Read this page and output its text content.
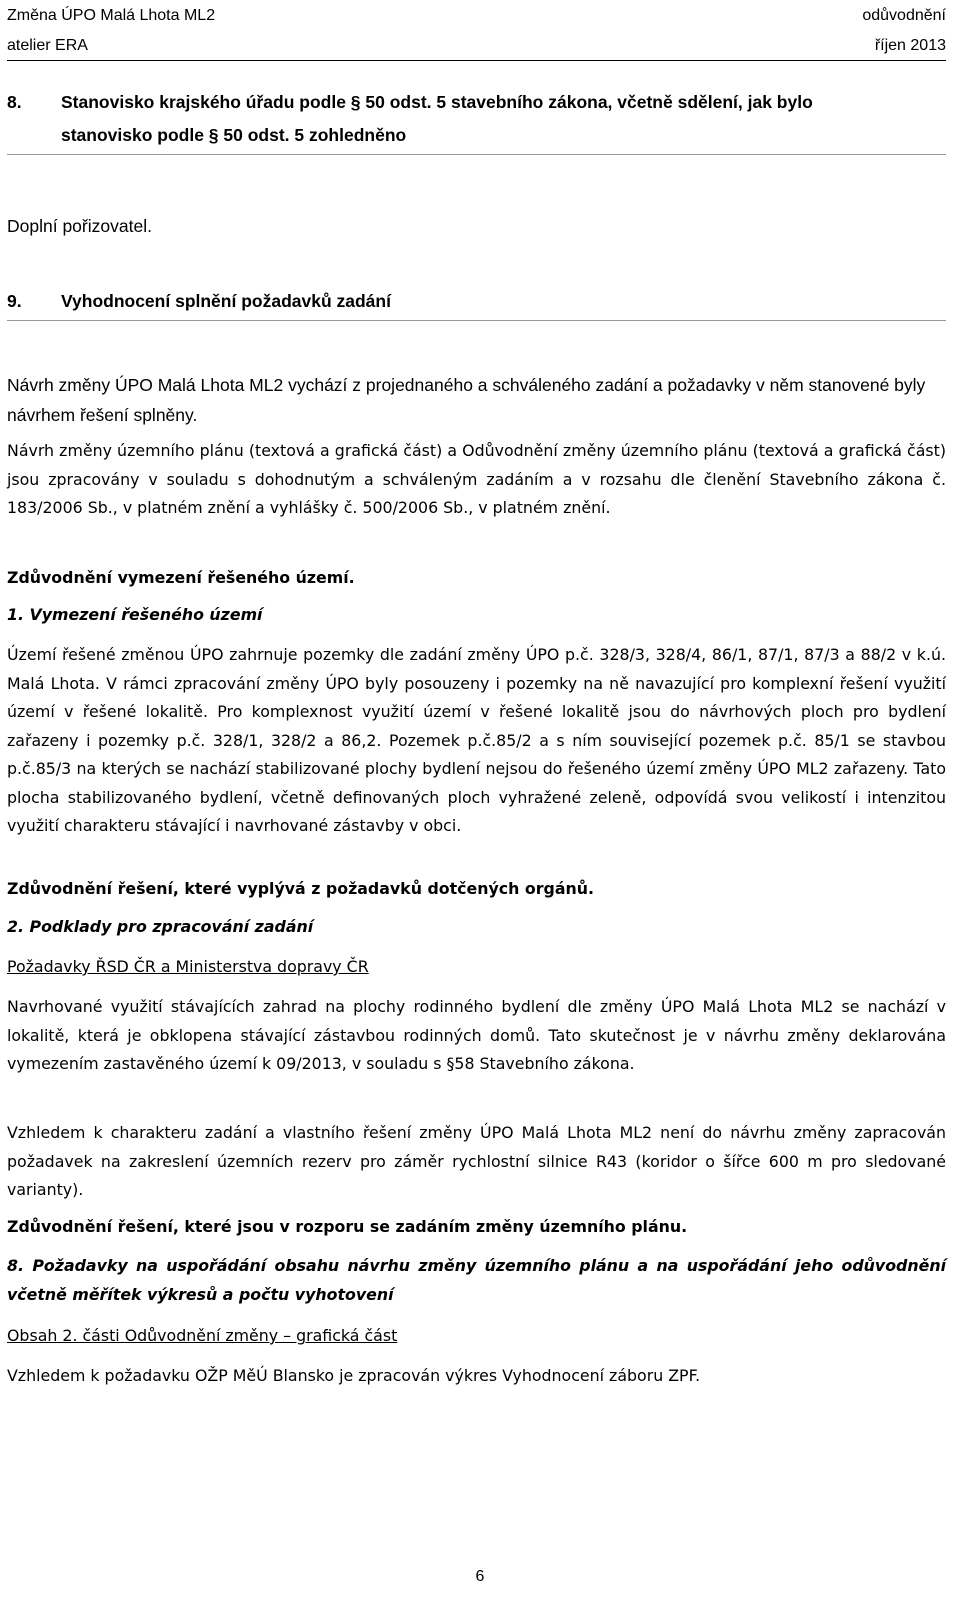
Změna ÚPO Malá Lhota ML2	odůvodnění
atelier ERA	říjen 2013
8. Stanovisko krajského úřadu podle § 50 odst. 5 stavebního zákona, včetně sdělení, jak bylo
stanovisko podle § 50 odst. 5 zohledněno

Doplní pořizovatel.

9. Vyhodnocení splnění požadavků zadání

Návrh změny ÚPO Malá Lhota ML2 vychází z projednaného a schváleného zadání a požadavky v něm stanovené byly návrhem řešení splněny.

Návrh změny územního plánu (textová a grafická část) a Odůvodnění změny územního plánu (textová a grafická část) jsou zpracovány v souladu s dohodnutým a schváleným zadáním a v rozsahu dle členění Stavebního zákona č. 183/2006 Sb., v platném znění a vyhlášky č. 500/2006 Sb., v platném znění.

Zdůvodnění vymezení řešeného území.

1. Vymezení řešeného území

Území řešené změnou ÚPO zahrnuje pozemky dle zadání změny ÚPO p.č. 328/3, 328/4, 86/1, 87/1, 87/3 a 88/2 v k.ú. Malá Lhota. V rámci zpracování změny ÚPO byly posouzeny i pozemky na ně navazující pro komplexní řešení využití území v řešené lokalitě. Pro komplexnost využití území v řešené lokalitě jsou do návrhových ploch pro bydlení zařazeny i pozemky p.č. 328/1, 328/2 a 86,2. Pozemek p.č.85/2 a s ním související pozemek p.č. 85/1 se stavbou p.č.85/3 na kterých se nachází stabilizované plochy bydlení nejsou do řešeného území změny ÚPO ML2 zařazeny. Tato plocha stabilizovaného bydlení, včetně definovaných ploch vyhražené zeleně, odpovídá svou velikostí i intenzitou využití charakteru stávající i navrhované zástavby v obci.

Zdůvodnění řešení, které vyplývá z požadavků dotčených orgánů.

2. Podklady pro zpracování zadání

Požadavky ŘSD ČR a Ministerstva dopravy ČR

Navrhované využití stávajících zahrad na plochy rodinného bydlení dle změny ÚPO Malá Lhota ML2 se nachází v lokalitě, která je obklopena stávající zástavbou rodinných domů. Tato skutečnost je v návrhu změny deklarována vymezením zastavěného území k 09/2013, v souladu s §58 Stavebního zákona.

Vzhledem k charakteru zadání a vlastního řešení změny ÚPO Malá Lhota ML2 není do návrhu změny zapracován požadavek na zakreslení územních rezerv pro záměr rychlostní silnice R43 (koridor o šířce 600 m pro sledované varianty).

Zdůvodnění řešení, které jsou v rozporu se zadáním změny územního plánu.

8. Požadavky na uspořádání obsahu návrhu změny územního plánu a na uspořádání jeho odůvodnění včetně měřítek výkresů a počtu vyhotovení

Obsah 2. části Odůvodnění změny – grafická část

Vzhledem k požadavku OŽP MěÚ Blansko je zpracován výkres Vyhodnocení záboru ZPF.

6
